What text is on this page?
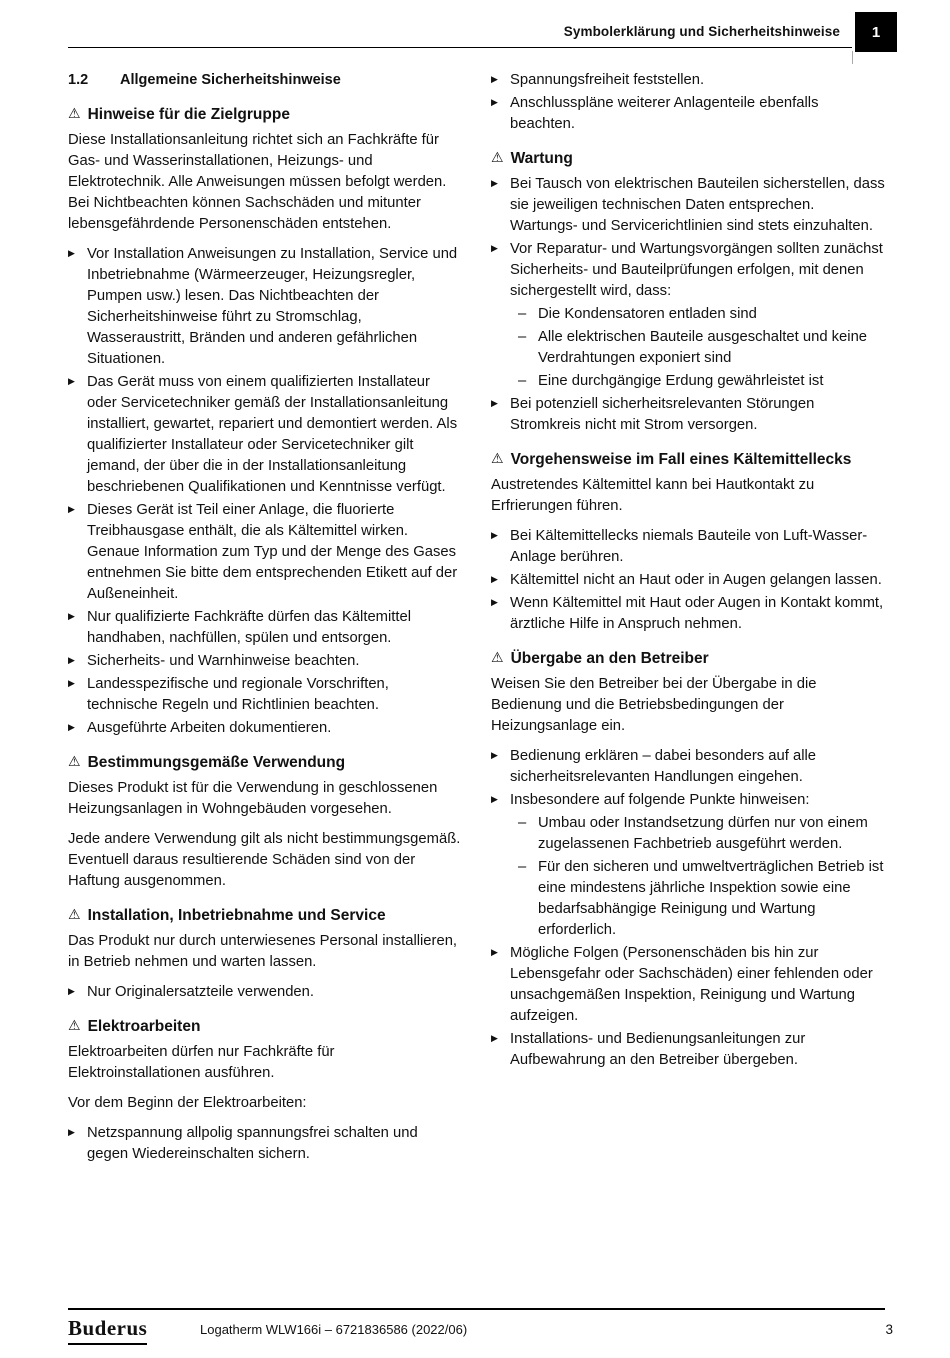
Symbolerklärung und Sicherheitshinweise	1
1.2	Allgemeine Sicherheitshinweise
⚠ Hinweise für die Zielgruppe
Diese Installationsanleitung richtet sich an Fachkräfte für Gas- und Wasserinstallationen, Heizungs- und Elektrotechnik. Alle Anweisungen müssen befolgt werden. Bei Nichtbeachten können Sachschäden und mitunter lebensgefährdende Personenschäden entstehen.
▶ Vor Installation Anweisungen zu Installation, Service und Inbetriebnahme (Wärmeerzeuger, Heizungsregler, Pumpen usw.) lesen. Das Nichtbeachten der Sicherheitshinweise führt zu Stromschlag, Wasseraustritt, Bränden und anderen gefährlichen Situationen.
▶ Das Gerät muss von einem qualifizierten Installateur oder Servicetechniker gemäß der Installationsanleitung installiert, gewartet, repariert und demontiert werden. Als qualifizierter Installateur oder Servicetechniker gilt jemand, der über die in der Installationsanleitung beschriebenen Qualifikationen und Kenntnisse verfügt.
▶ Dieses Gerät ist Teil einer Anlage, die fluorierte Treibhausgase enthält, die als Kältemittel wirken. Genaue Information zum Typ und der Menge des Gases entnehmen Sie bitte dem entsprechenden Etikett auf der Außeneinheit.
▶ Nur qualifizierte Fachkräfte dürfen das Kältemittel handhaben, nachfüllen, spülen und entsorgen.
▶ Sicherheits- und Warnhinweise beachten.
▶ Landesspezifische und regionale Vorschriften, technische Regeln und Richtlinien beachten.
▶ Ausgeführte Arbeiten dokumentieren.
⚠ Bestimmungsgemäße Verwendung
Dieses Produkt ist für die Verwendung in geschlossenen Heizungsanlagen in Wohngebäuden vorgesehen.
Jede andere Verwendung gilt als nicht bestimmungsgemäß. Eventuell daraus resultierende Schäden sind von der Haftung ausgenommen.
⚠ Installation, Inbetriebnahme und Service
Das Produkt nur durch unterwiesenes Personal installieren, in Betrieb nehmen und warten lassen.
▶ Nur Originalersatzteile verwenden.
⚠ Elektroarbeiten
Elektroarbeiten dürfen nur Fachkräfte für Elektroinstallationen ausführen.
Vor dem Beginn der Elektroarbeiten:
▶ Netzspannung allpolig spannungsfrei schalten und gegen Wiedereinschalten sichern.
▶ Spannungsfreiheit feststellen.
▶ Anschlusspläne weiterer Anlagenteile ebenfalls beachten.
⚠ Wartung
▶ Bei Tausch von elektrischen Bauteilen sicherstellen, dass sie jeweiligen technischen Daten entsprechen. Wartungs- und Servicerichtlinien sind stets einzuhalten.
▶ Vor Reparatur- und Wartungsvorgängen sollten zunächst Sicherheits- und Bauteilprüfungen erfolgen, mit denen sichergestellt wird, dass:
– Die Kondensatoren entladen sind
– Alle elektrischen Bauteile ausgeschaltet und keine Verdrahtungen exponiert sind
– Eine durchgängige Erdung gewährleistet ist
▶ Bei potenziell sicherheitsrelevanten Störungen Stromkreis nicht mit Strom versorgen.
⚠ Vorgehensweise im Fall eines Kältemittellecks
Austretendes Kältemittel kann bei Hautkontakt zu Erfrierungen führen.
▶ Bei Kältemittellecks niemals Bauteile von Luft-Wasser-Anlage berühren.
▶ Kältemittel nicht an Haut oder in Augen gelangen lassen.
▶ Wenn Kältemittel mit Haut oder Augen in Kontakt kommt, ärztliche Hilfe in Anspruch nehmen.
⚠ Übergabe an den Betreiber
Weisen Sie den Betreiber bei der Übergabe in die Bedienung und die Betriebsbedingungen der Heizungsanlage ein.
▶ Bedienung erklären – dabei besonders auf alle sicherheitsrelevanten Handlungen eingehen.
▶ Insbesondere auf folgende Punkte hinweisen:
– Umbau oder Instandsetzung dürfen nur von einem zugelassenen Fachbetrieb ausgeführt werden.
– Für den sicheren und umweltverträglichen Betrieb ist eine mindestens jährliche Inspektion sowie eine bedarfsabhängige Reinigung und Wartung erforderlich.
▶ Mögliche Folgen (Personenschäden bis hin zur Lebensgefahr oder Sachschäden) einer fehlenden oder unsachgemäßen Inspektion, Reinigung und Wartung aufzeigen.
▶ Installations- und Bedienungsanleitungen zur Aufbewahrung an den Betreiber übergeben.
Buderus	Logatherm WLW166i – 6721836586 (2022/06)	3
